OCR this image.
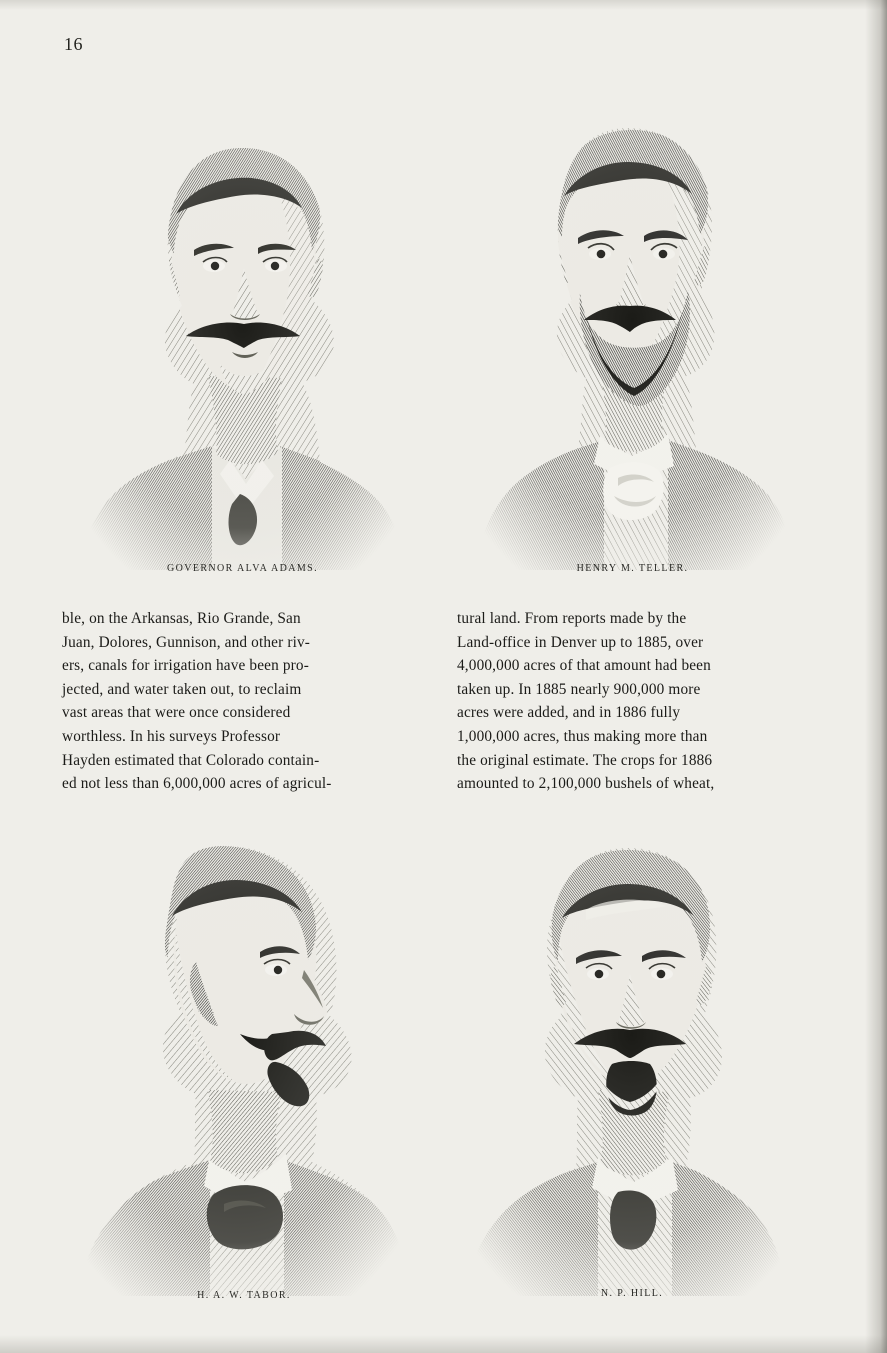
16
GOVERNOR ALVA ADAMS.	HENRY M. TELLER.

ble, on the Arkansas, Rio Grande, San
Juan, Dolores, Gunnison, and other riv-
ers, canals for irrigation have been pro-
jected, and water taken out, to reclaim
vast areas that were once considered
worthless. In his surveys Professor
Hayden estimated that Colorado contain-
ed not less than 6,000,000 acres of agricul-

tural land. From reports made by the
Land-office in Denver up to 1885, over
4,000,000 acres of that amount had been
taken up. In 1885 nearly 900,000 more
acres were added, and in 1886 fully
1,000,000 acres, thus making more than
the original estimate. The crops for 1886
amounted to 2,100,000 bushels of wheat,

H. A. W. TABOR.	N. P. HILL.
